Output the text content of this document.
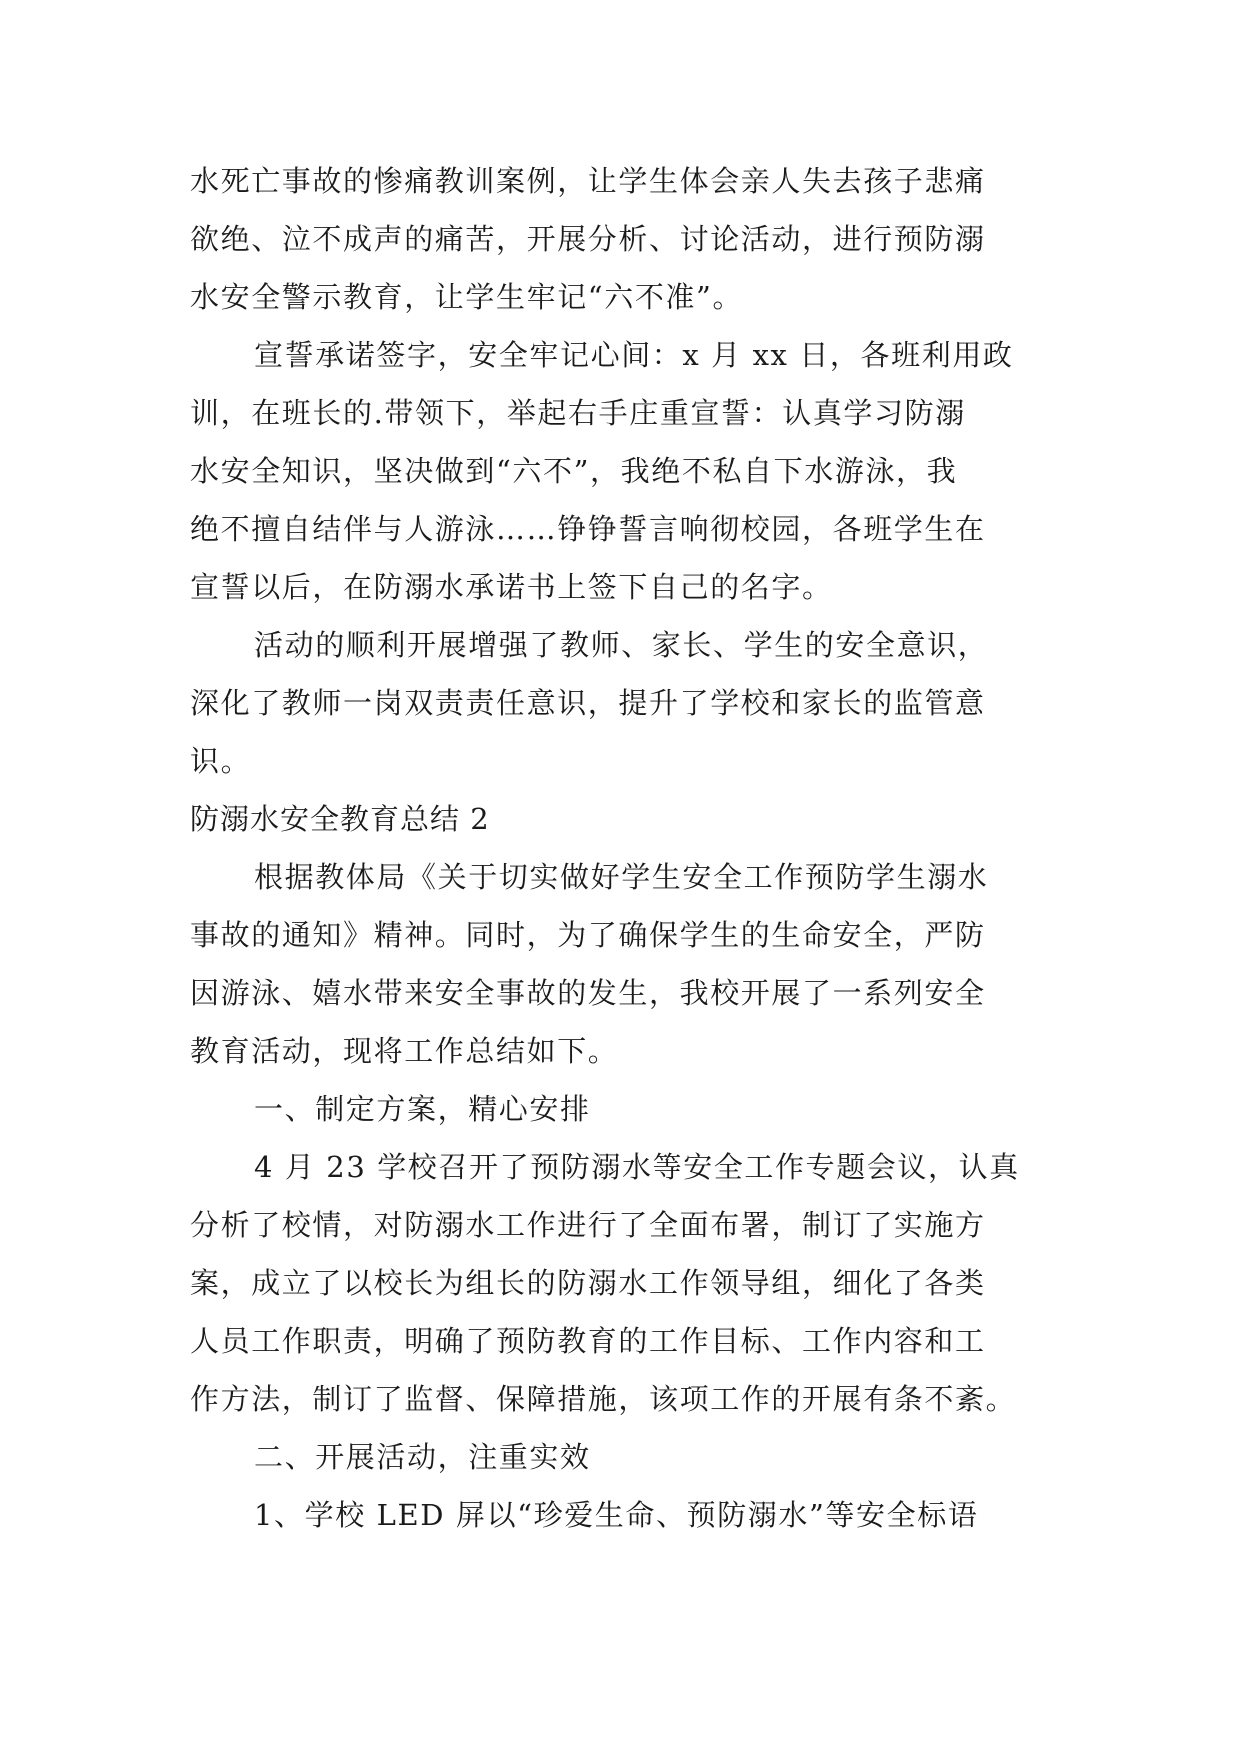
水死亡事故的惨痛教训案例，让学生体会亲人失去孩子悲痛
欲绝、泣不成声的痛苦，开展分析、讨论活动，进行预防溺
水安全警示教育，让学生牢记“六不准”。
宣誓承诺签字，安全牢记心间：x 月 xx 日，各班利用政
训，在班长的.带领下，举起右手庄重宣誓：认真学习防溺
水安全知识，坚决做到“六不”，我绝不私自下水游泳，我
绝不擅自结伴与人游泳……铮铮誓言响彻校园，各班学生在
宣誓以后，在防溺水承诺书上签下自己的名字。
活动的顺利开展增强了教师、家长、学生的安全意识，
深化了教师一岗双责责任意识，提升了学校和家长的监管意
识。
防溺水安全教育总结 2
根据教体局《关于切实做好学生安全工作预防学生溺水
事故的通知》精神。同时，为了确保学生的生命安全，严防
因游泳、嬉水带来安全事故的发生，我校开展了一系列安全
教育活动，现将工作总结如下。
一、制定方案，精心安排
4 月 23 学校召开了预防溺水等安全工作专题会议，认真
分析了校情，对防溺水工作进行了全面布署，制订了实施方
案，成立了以校长为组长的防溺水工作领导组，细化了各类
人员工作职责，明确了预防教育的工作目标、工作内容和工
作方法，制订了监督、保障措施，该项工作的开展有条不紊。
二、开展活动，注重实效
1、学校 LED 屏以“珍爱生命、预防溺水”等安全标语
